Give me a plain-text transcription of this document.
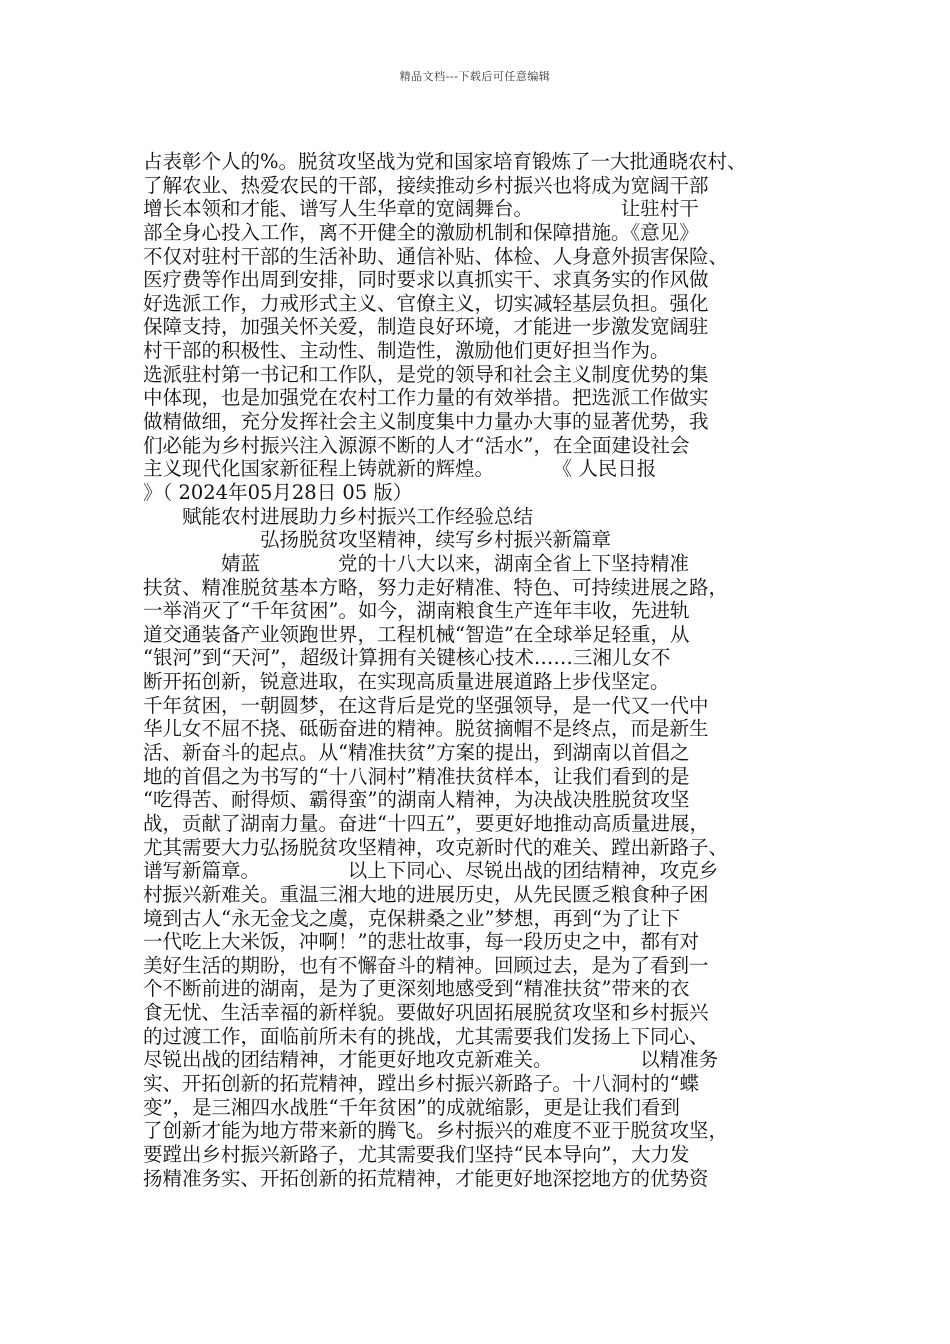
精品文档---下载后可任意编辑
占表彰个人的%。脱贫攻坚战为党和国家培育锻炼了一大批通晓农村、
了解农业、热爱农民的干部，接续推动乡村振兴也将成为宽阔干部
增长本领和才能、谱写人生华章的宽阔舞台。　　　　　让驻村干
部全身心投入工作，离不开健全的激励机制和保障措施。《意见》
不仅对驻村干部的生活补助、通信补贴、体检、人身意外损害保险、
医疗费等作出周到安排，同时要求以真抓实干、求真务实的作风做
好选派工作，力戒形式主义、官僚主义，切实减轻基层负担。强化
保障支持，加强关怀关爱，制造良好环境，才能进一步激发宽阔驻
村干部的积极性、主动性、制造性，激励他们更好担当作为。
选派驻村第一书记和工作队，是党的领导和社会主义制度优势的集
中体现，也是加强党在农村工作力量的有效举措。把选派工作做实
做精做细，充分发挥社会主义制度集中力量办大事的显著优势，我
们必能为乡村振兴注入源源不断的人才“活水”，在全面建设社会
主义现代化国家新征程上铸就新的辉煌。　　　　《 人民日报
》（ 2024年05月28日 05 版）
　　赋能农村进展助力乡村振兴工作经验总结
　　　　　　弘扬脱贫攻坚精神，续写乡村振兴新篇章
　　　　婧蓝　　　　党的十八大以来，湖南全省上下坚持精准
扶贫、精准脱贫基本方略，努力走好精准、特色、可持续进展之路，
一举消灭了“千年贫困”。如今，湖南粮食生产连年丰收，先进轨
道交通装备产业领跑世界，工程机械“智造”在全球举足轻重，从
“银河”到“天河”，超级计算拥有关键核心技术……三湘儿女不
断开拓创新，锐意进取，在实现高质量进展道路上步伐坚定。
千年贫困，一朝圆梦，在这背后是党的坚强领导，是一代又一代中
华儿女不屈不挠、砥砺奋进的精神。脱贫摘帽不是终点，而是新生
活、新奋斗的起点。从“精准扶贫”方案的提出，到湖南以首倡之
地的首倡之为书写的“十八洞村”精准扶贫样本，让我们看到的是
“吃得苦、耐得烦、霸得蛮”的湖南人精神，为决战决胜脱贫攻坚
战，贡献了湖南力量。奋进“十四五”，要更好地推动高质量进展，
尤其需要大力弘扬脱贫攻坚精神，攻克新时代的难关、蹚出新路子、
谱写新篇章。　　　　　以上下同心、尽锐出战的团结精神，攻克乡
村振兴新难关。重温三湘大地的进展历史，从先民匮乏粮食种子困
境到古人“永无金戈之虞，克保耕桑之业”梦想，再到“为了让下
一代吃上大米饭，冲啊！”的悲壮故事，每一段历史之中，都有对
美好生活的期盼，也有不懈奋斗的精神。回顾过去，是为了看到一
个不断前进的湖南，是为了更深刻地感受到“精准扶贫”带来的衣
食无忧、生活幸福的新样貌。要做好巩固拓展脱贫攻坚和乡村振兴
的过渡工作，面临前所未有的挑战，尤其需要我们发扬上下同心、
尽锐出战的团结精神，才能更好地攻克新难关。　　　　　以精准务
实、开拓创新的拓荒精神，蹚出乡村振兴新路子。十八洞村的“蝶
变”，是三湘四水战胜“千年贫困”的成就缩影，更是让我们看到
了创新才能为地方带来新的腾飞。乡村振兴的难度不亚于脱贫攻坚，
要蹚出乡村振兴新路子，尤其需要我们坚持“民本导向”，大力发
扬精准务实、开拓创新的拓荒精神，才能更好地深挖地方的优势资
